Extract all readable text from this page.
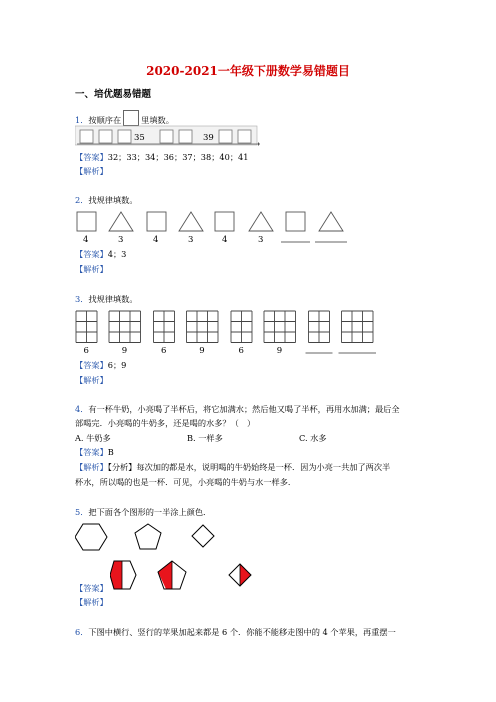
2020-2021一年级下册数学易错题目
一、培优题易错题
1．按顺序在 里填数。
35	39
【答案】32；33；34；36；37；38；40；41
【解析】
2．找规律填数。
4	3	4	3	4	3
【答案】4；3
【解析】
3．找规律填数。
6	9	6	9	6	9
【答案】6；9
【解析】
4．有一杯牛奶，小亮喝了半杯后，将它加满水；然后他又喝了半杯，再用水加满；最后全
部喝完．小亮喝的牛奶多，还是喝的水多？（　）
A. 牛奶多	B. 一样多	C. 水多
【答案】B
【解析】【分析】每次加的都是水，说明喝的牛奶始终是一杯．因为小亮一共加了两次半
杯水，所以喝的也是一杯．可见，小亮喝的牛奶与水一样多．
5．把下面各个图形的一半涂上颜色．
【答案】
【解析】
6．下图中横行、竖行的苹果加起来都是 6 个．你能不能移走图中的 4 个苹果，再重摆一
